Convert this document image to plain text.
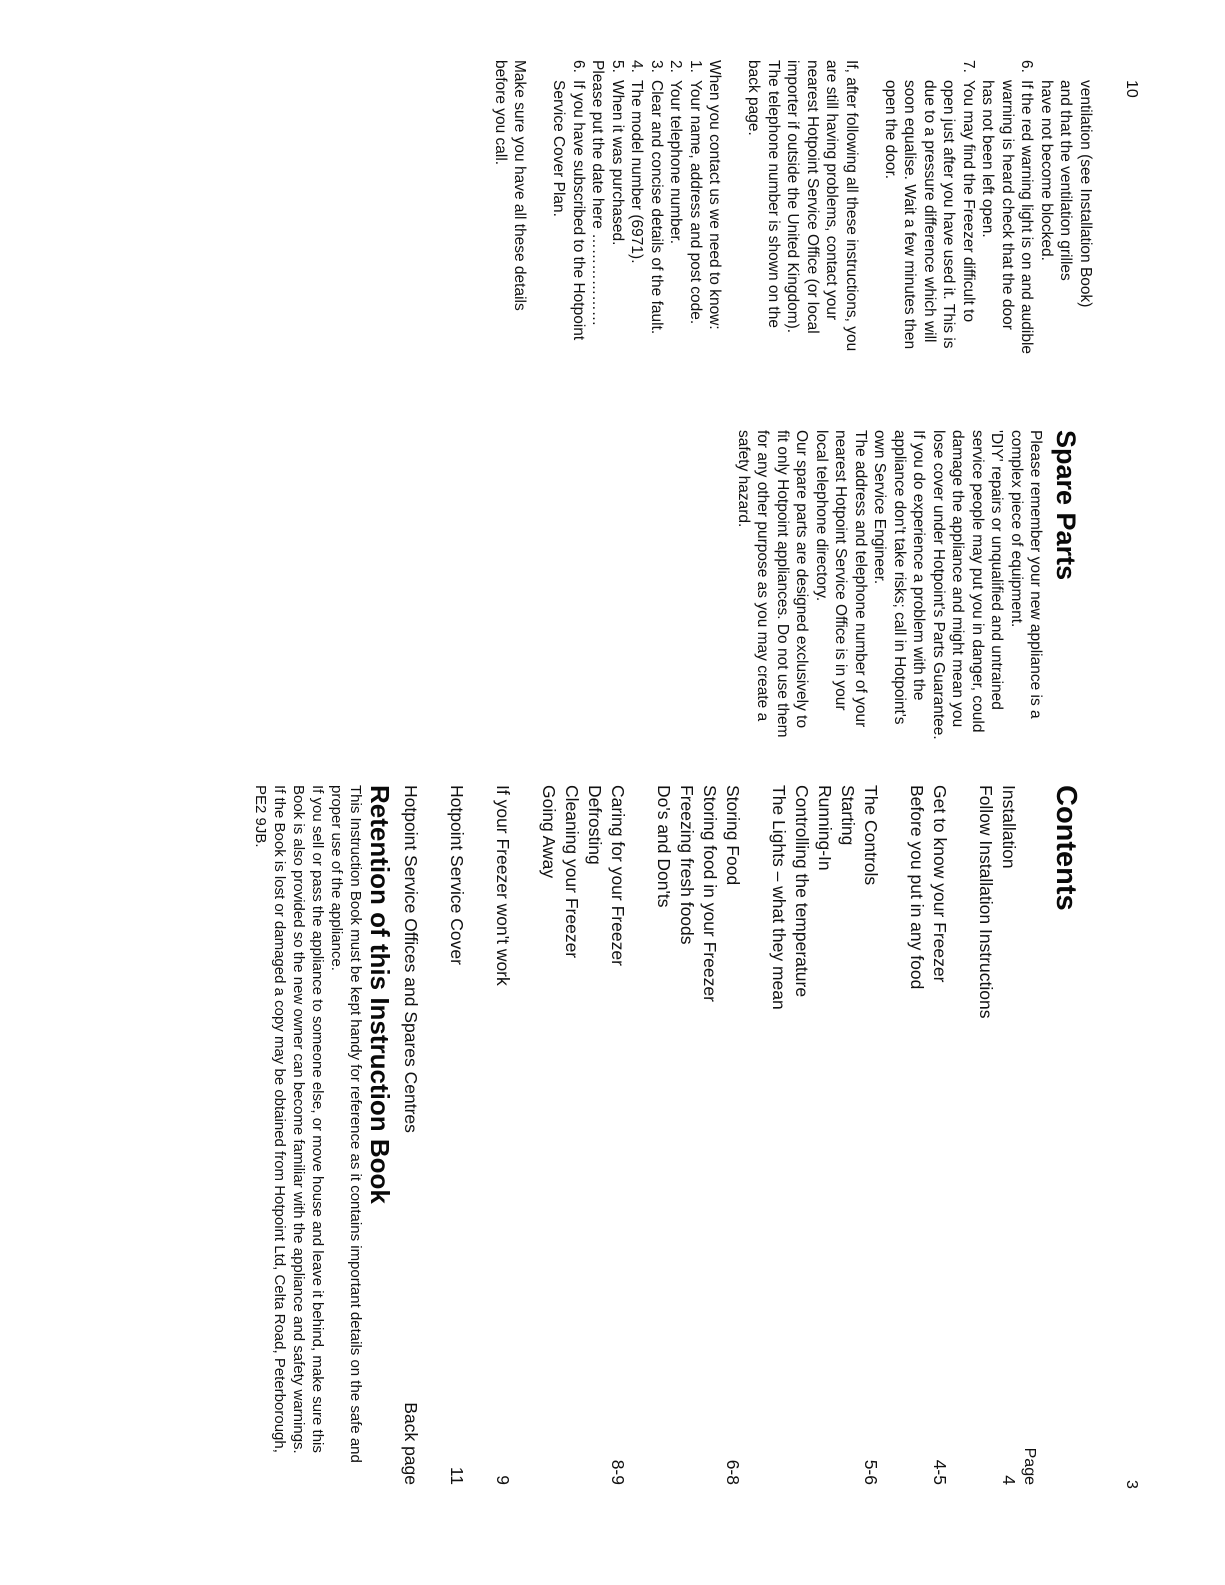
10
3

ventilation (see Installation Book)

and that the ventilation grilles

have not become blocked.

6.
If the red warning light is on and audible warning is heard check that the door has not been left open.
7.
You may find the Freezer difficult to open just after you have used it. This is due to a pressure difference which will soon equalise. Wait a few minutes then open the door.

If, after following all these instructions, you are still having problems, contact your nearest Hotpoint Service Office (or local importer if outside the United Kingdom). The telephone number is shown on the back page.

When you contact us we need to know:

1.
Your name, address and post code.
2.
Your telephone number.
3.
Clear and concise details of the fault.
4.
The model number (6971).
5.
When it was purchased.

Please put the date here ………………

6.
If you have subscribed to the Hotpoint Service Cover Plan.

Make sure you have all these details before you call.

Spare Parts

Please remember your new appliance is a complex piece of equipment.

'DIY' repairs or unqualified and untrained service people may put you in danger, could damage the appliance and might mean you lose cover under Hotpoint's Parts Guarantee.

If you do experience a problem with the appliance don't take risks; call in Hotpoint's own Service Engineer.

The address and telephone number of your nearest Hotpoint Service Office is in your local telephone directory.

Our spare parts are designed exclusively to fit only Hotpoint appliances. Do not use them for any other purpose as you may create a safety hazard.

Contents
Page
Installation
4
Follow Installation Instructions
Get to know your Freezer
4-5
Before you put in any food
The Controls
5-6
Starting
Running-In
Controlling the temperature
The Lights – what they mean
Storing Food
6-8
Storing food in your Freezer
Freezing fresh foods
Do's and Don'ts
Caring for your Freezer
8-9
Defrosting
Cleaning your Freezer
Going Away
If your Freezer won't work
9
Hotpoint Service Cover
11
Hotpoint Service Offices and Spares Centres
Back page
Retention of this Instruction Book

This Instruction Book must be kept handy for reference as it contains important details on the safe and proper use of the appliance.

If you sell or pass the appliance to someone else, or move house and leave it behind, make sure this Book is also provided so the new owner can become familiar with the appliance and safety warnings.

If the Book is lost or damaged a copy may be obtained from Hotpoint Ltd, Celta Road, Peterborough, PE2 9JB.
